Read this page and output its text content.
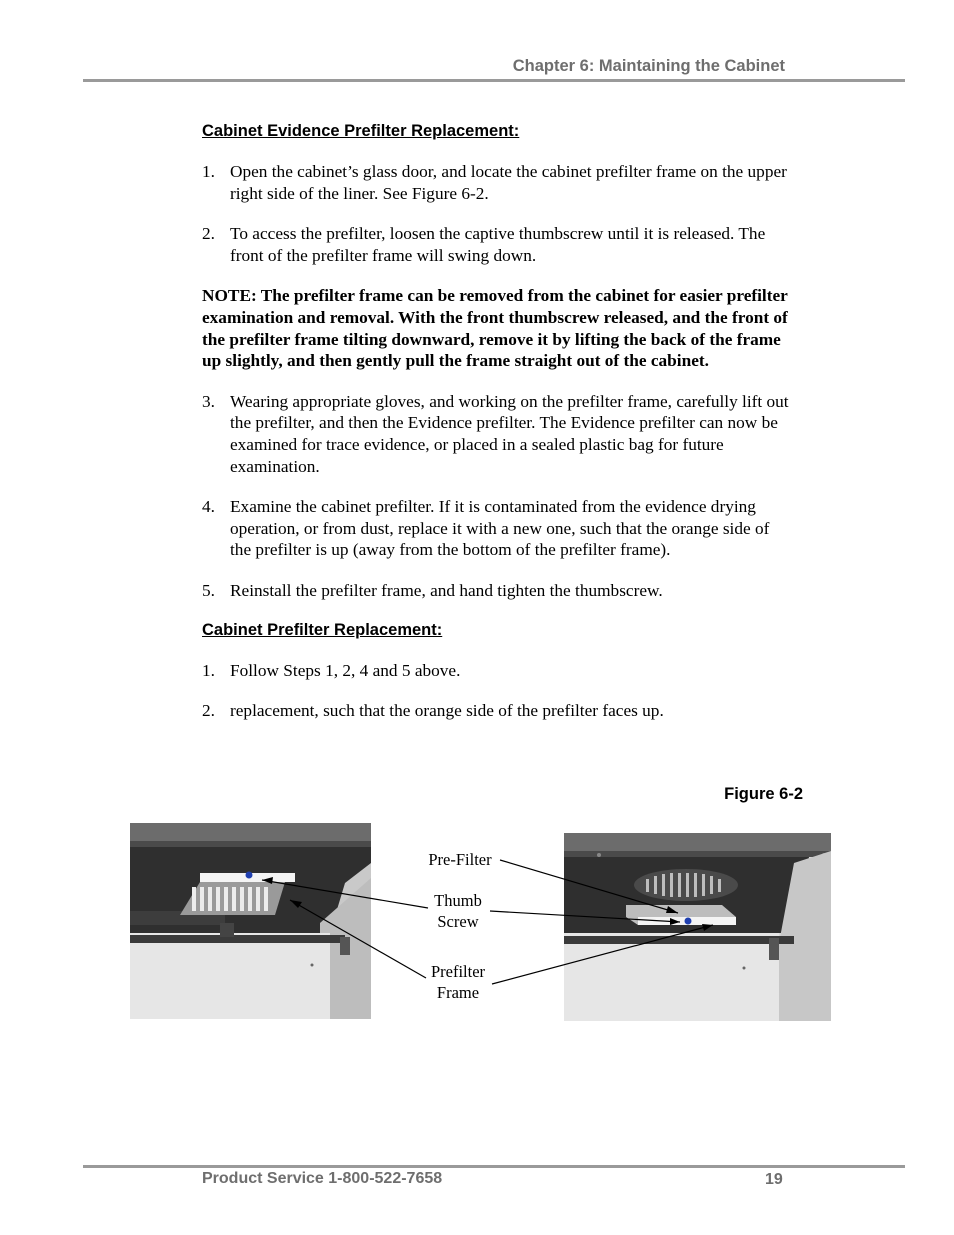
Chapter 6: Maintaining the Cabinet

Cabinet Evidence Prefilter Replacement:

1. Open the cabinet’s glass door, and locate the cabinet prefilter frame on the upper right side of the liner. See Figure 6-2.
2. To access the prefilter, loosen the captive thumbscrew until it is released. The front of the prefilter frame will swing down.

NOTE: The prefilter frame can be removed from the cabinet for easier prefilter examination and removal. With the front thumbscrew released, and the front of the prefilter frame tilting downward, remove it by lifting the back of the frame up slightly, and then gently pull the frame straight out of the cabinet.

3. Wearing appropriate gloves, and working on the prefilter frame, carefully lift out the prefilter, and then the Evidence prefilter. The Evidence prefilter can now be examined for trace evidence, or placed in a sealed plastic bag for future examination.
4. Examine the cabinet prefilter. If it is contaminated from the evidence drying operation, or from dust, replace it with a new one, such that the orange side of the prefilter is up (away from the bottom of the prefilter frame).
5. Reinstall the prefilter frame, and hand tighten the thumbscrew.

Cabinet Prefilter Replacement:

1. Follow Steps 1, 2, 4 and 5 above.
2. replacement, such that the orange side of the prefilter faces up.
Figure 6-2
Pre-Filter
Thumb
Screw
Prefilter
Frame
Product Service 1-800-522-7658	19
